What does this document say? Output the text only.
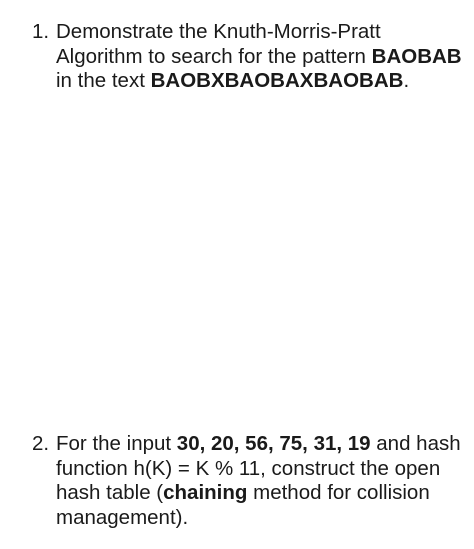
1. Demonstrate the Knuth-Morris-Pratt
Algorithm to search for the pattern BAOBAB
in the text BAOBXBAOBAXBAOBAB.
2. For the input 30, 20, 56, 75, 31, 19 and hash
function h(K) = K % 11, construct the open
hash table (chaining method for collision
management).
